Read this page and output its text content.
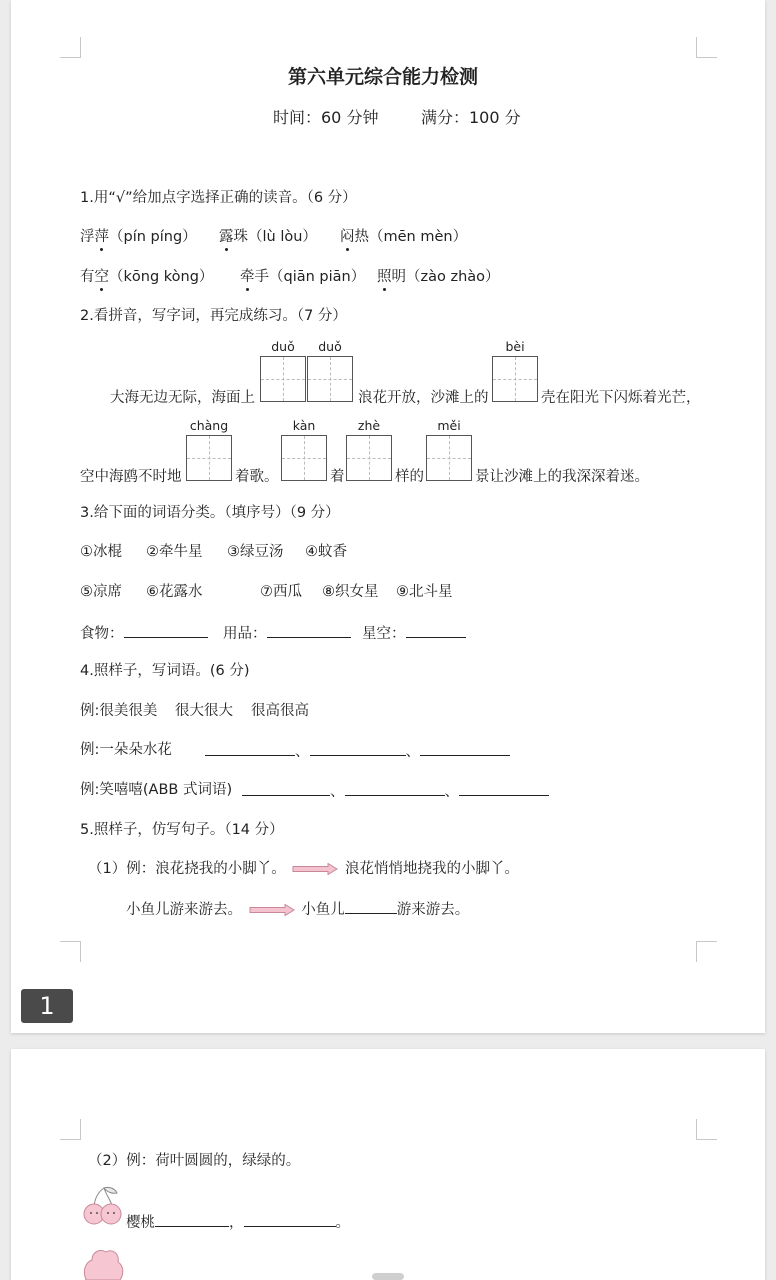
第六单元综合能力检测
时间：60 分钟	满分：100 分
1.用“√”给加点字选择正确的读音。（6 分）
浮萍（pín píng） 露珠（lù lòu） 闷热（mēn mèn）
有空（kōng kòng） 牵手（qiān piān） 照明（zào zhào）
2.看拼音，写字词，再完成练习。（7 分）
duǒ	duǒ	bèi
大海无边无际，海面上	浪花开放，沙滩上的	壳在阳光下闪烁着光芒，
chàng	kàn	zhè	měi
空中海鸥不时地	着歌。	着	样的	景让沙滩上的我深深着迷。
3.给下面的词语分类。（填序号）（9 分）
①冰棍 ②牵牛星 ③绿豆汤 ④蚊香
⑤凉席 ⑥花露水	⑦西瓜 ⑧织女星 ⑨北斗星
食物：	用品：	星空：
4.照样子，写词语。(6 分)
例:很美很美 很大很大 很高很高
例:一朵朵水花	、	、
例:笑嘻嘻(ABB 式词语)	、	、
5.照样子，仿写句子。（14 分）
（1）例：浪花挠我的小脚丫。	浪花悄悄地挠我的小脚丫。
小鱼儿游来游去。	小鱼儿	游来游去。
1
（2）例：荷叶圆圆的，绿绿的。
樱桃	，	。
